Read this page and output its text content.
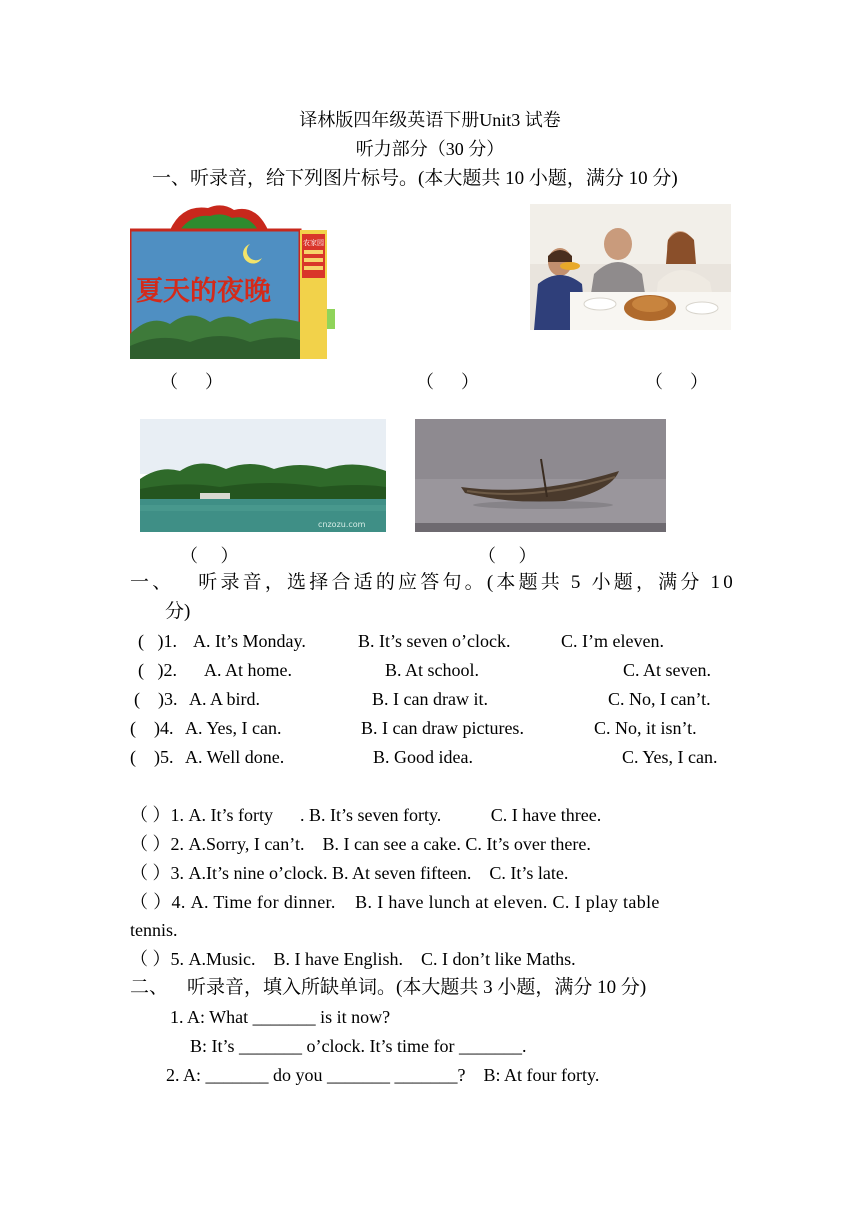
译林版四年级英语下册Unit3 试卷
听力部分（30 分）
一、听录音，给下列图片标号。(本大题共 10 小题，满分 10 分)
夏天的夜晚
农家园
（      ）	（      ）	（      ）
cnzozu.com
（     ）	（     ）
一、   听录音，选择合适的应答句。(本题共 5 小题，满分 10
分)
(   )1. A. It’s Monday.	B. It’s seven o’clock.	C. I’m eleven.
(   )2. A. At home.	B. At school.	C. At seven.
(    )3. A. A bird.	B. I can draw it.	C. No, I can’t.
(    )4. A. Yes, I can.	B. I can draw pictures.	C. No, it isn’t.
(    )5. A. Well done.	B. Good idea.	C. Yes, I can.
（ ）1. A. It’s forty      . B. It’s seven forty.           C. I have three.
（ ）2. A.Sorry, I can’t.    B. I can see a cake. C. It’s over there.
（ ）3. A.It’s nine o’clock. B. At seven fifteen.    C. It’s late.
（ ）4. A. Time for dinner.    B. I have lunch at eleven. C. I play table
tennis.
（ ）5. A.Music.    B. I have English.    C. I don’t like Maths.
二、    听录音，填入所缺单词。(本大题共 3 小题，满分 10 分)
1. A: What _______ is it now?
B: It’s _______ o’clock. It’s time for _______.
2. A: _______ do you _______ _______?    B: At four forty.
